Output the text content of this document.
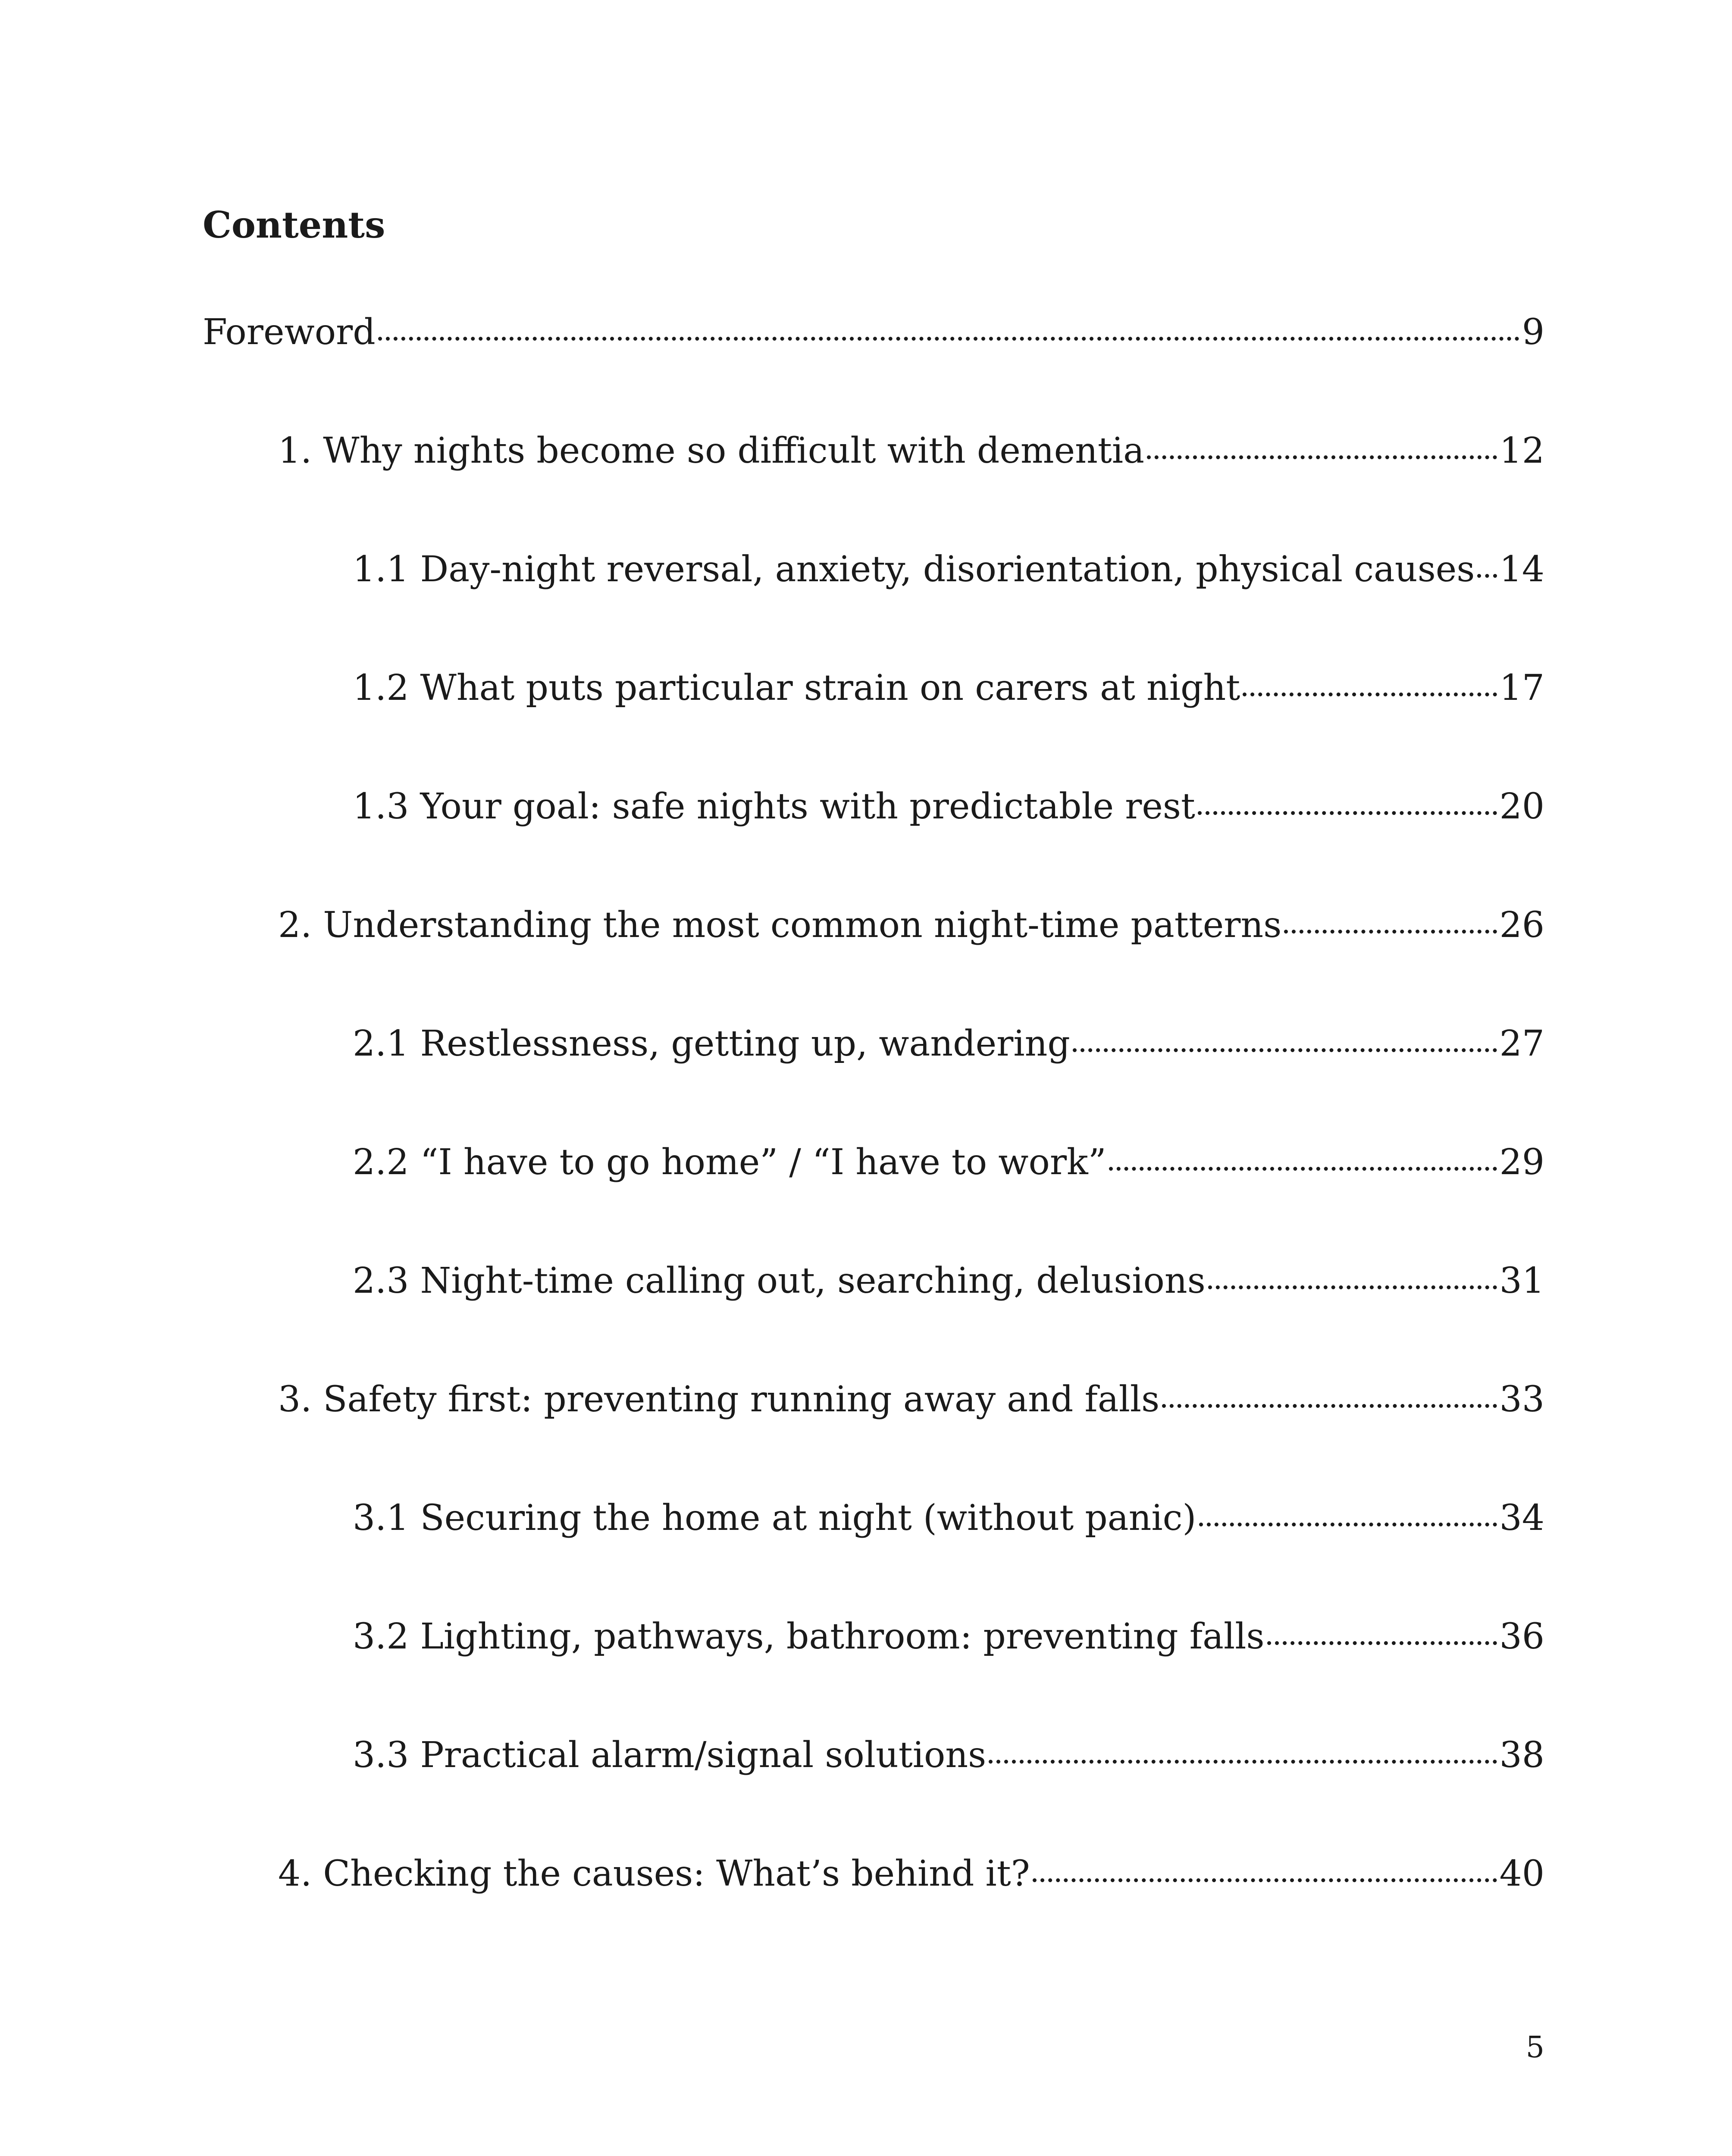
Contents
Foreword	9
1. Why nights become so difficult with dementia	12
1.1 Day-night reversal, anxiety, disorientation, physical causes 14
1.2 What puts particular strain on carers at night	17
1.3 Your goal: safe nights with predictable rest	20
2. Understanding the most common night-time patterns	26
2.1 Restlessness, getting up, wandering	27
2.2 “I have to go home” / “I have to work”	29
2.3 Night-time calling out, searching, delusions	31
3. Safety first: preventing running away and falls	33
3.1 Securing the home at night (without panic)	34
3.2 Lighting, pathways, bathroom: preventing falls	36
3.3 Practical alarm/signal solutions	38
4. Checking the causes: What’s behind it?	40
5
